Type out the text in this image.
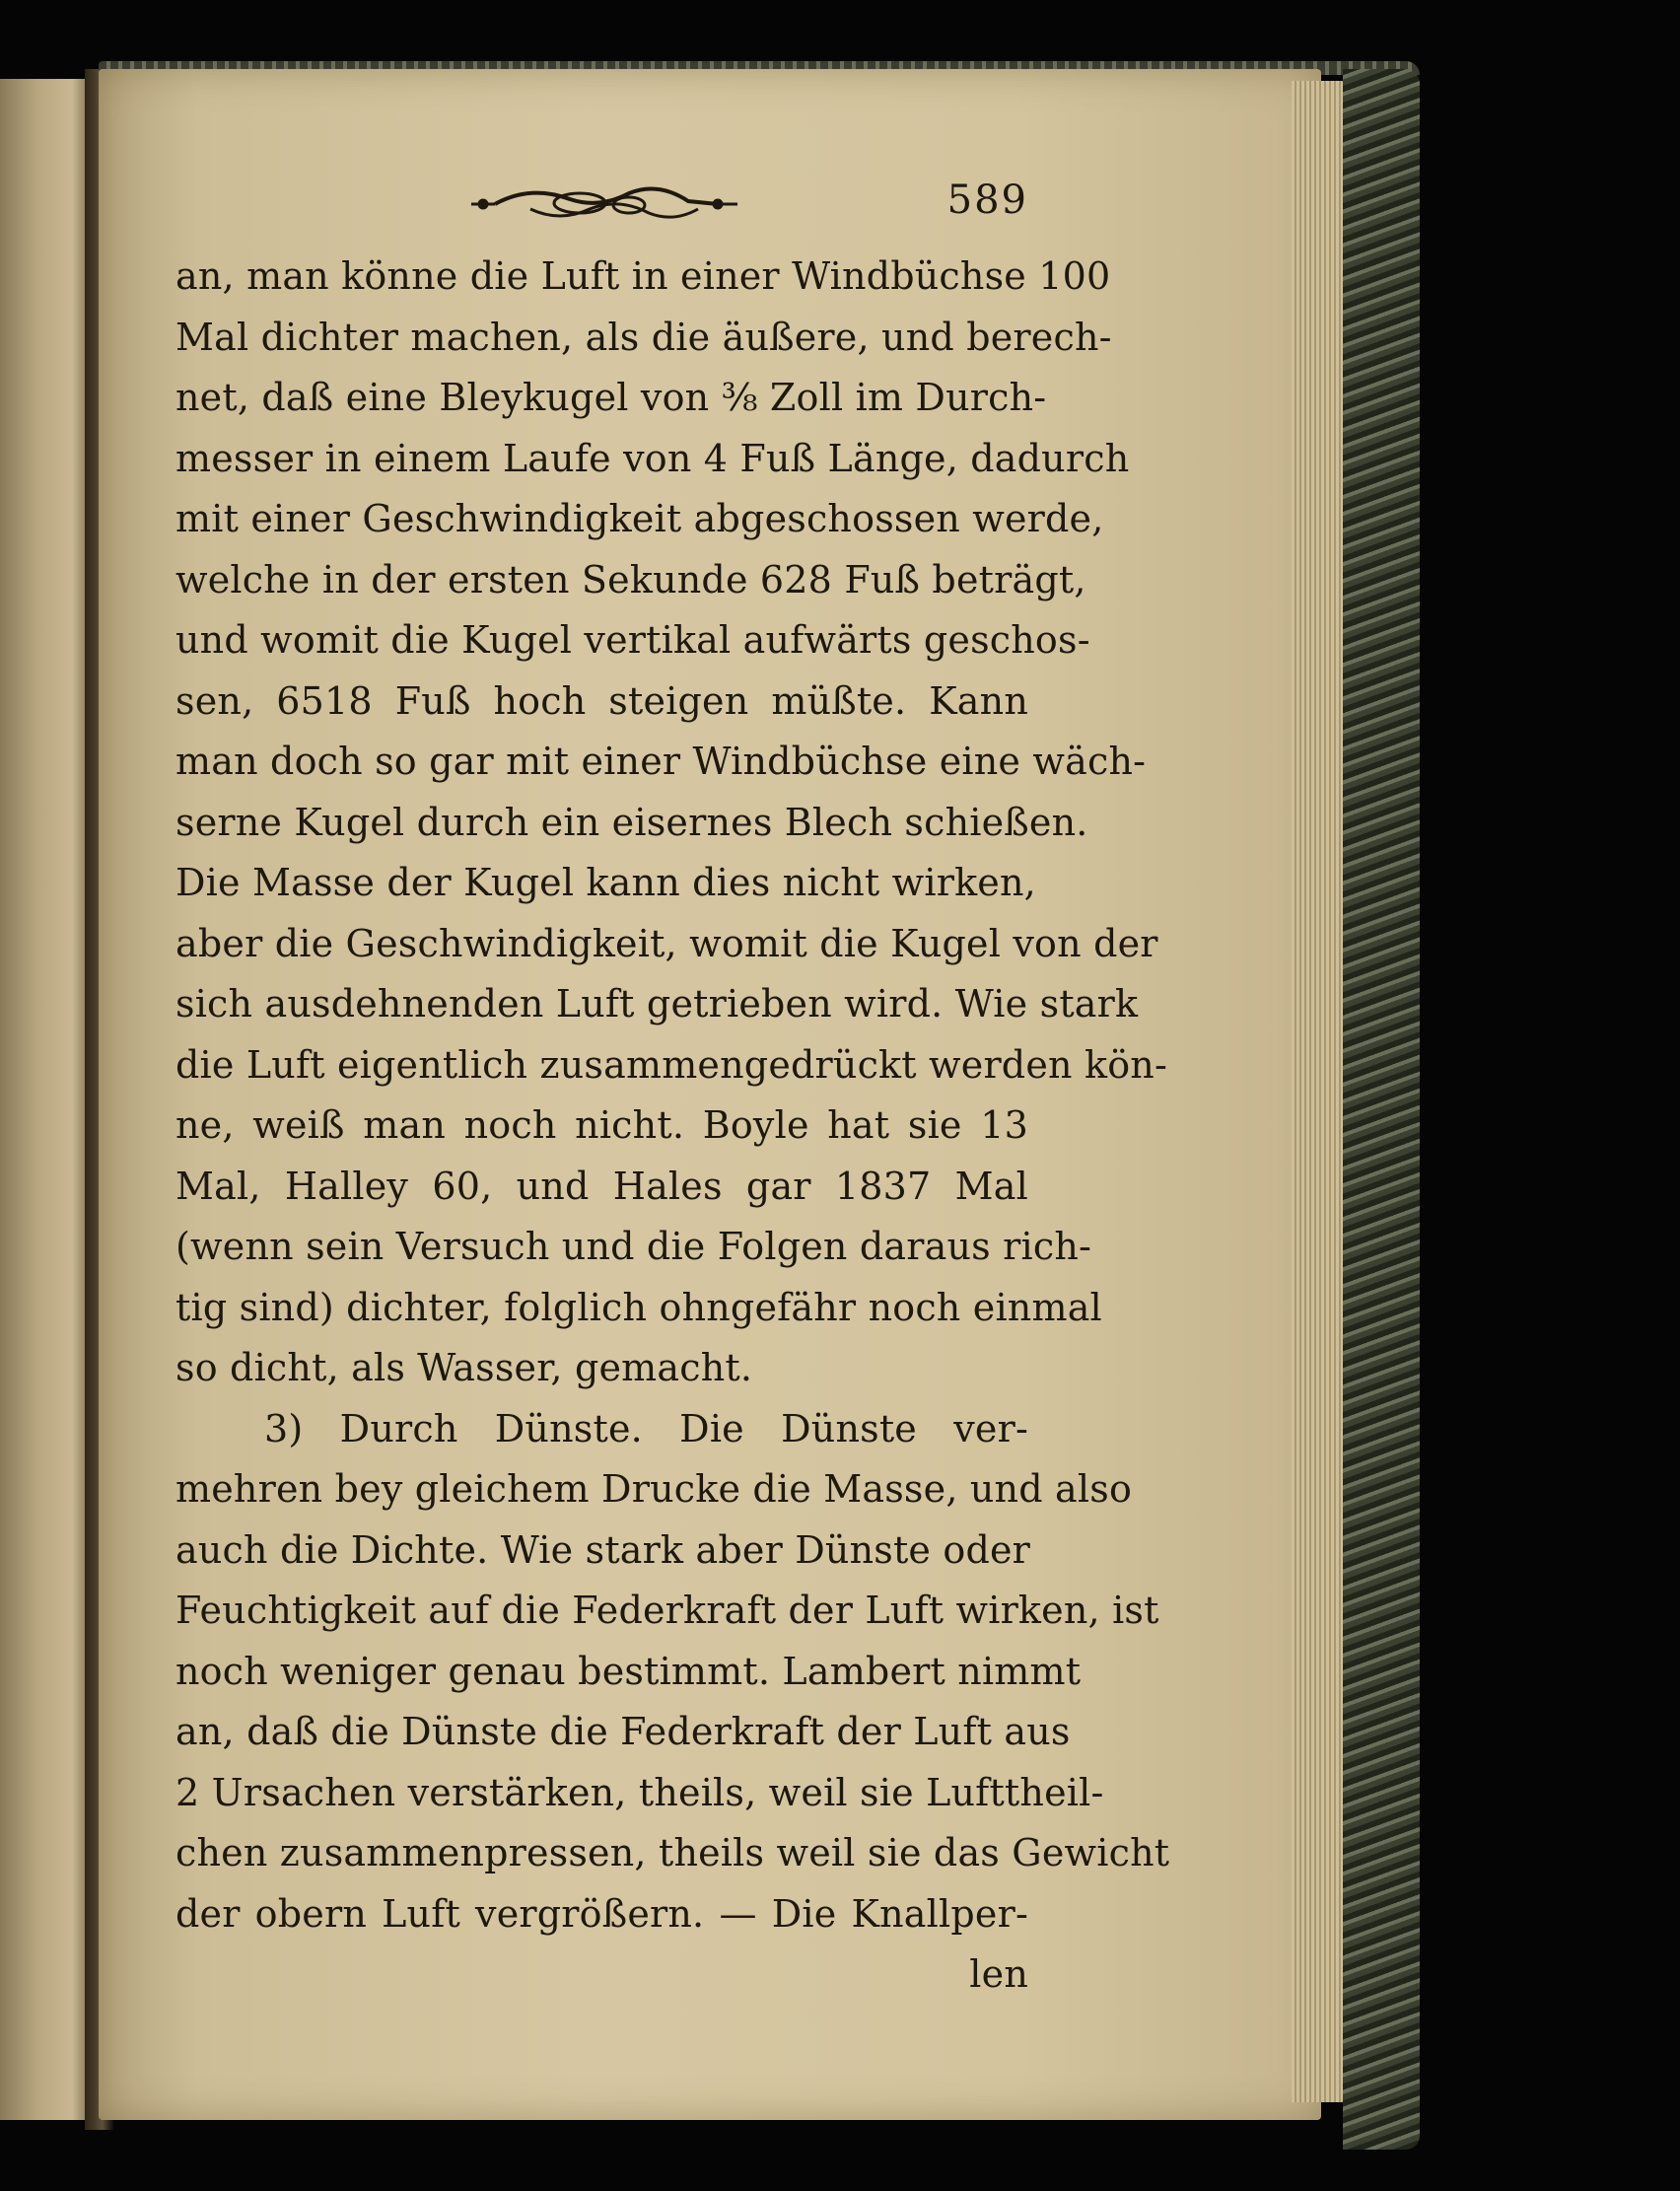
589
an, man könne die Luft in einer Windbüchse 100
Mal dichter machen, als die äußere, und berech-
net, daß eine Bleykugel von ⅜ Zoll im Durch-
messer in einem Laufe von 4 Fuß Länge, dadurch
mit einer Geschwindigkeit abgeschossen werde,
welche in der ersten Sekunde 628 Fuß beträgt,
und womit die Kugel vertikal aufwärts geschos-
sen, 6518 Fuß hoch steigen müßte. Kann
man doch so gar mit einer Windbüchse eine wäch-
serne Kugel durch ein eisernes Blech schießen.
Die Masse der Kugel kann dies nicht wirken,
aber die Geschwindigkeit, womit die Kugel von der
sich ausdehnenden Luft getrieben wird. Wie stark
die Luft eigentlich zusammengedrückt werden kön-
ne, weiß man noch nicht. Boyle hat sie 13
Mal, Halley 60, und Hales gar 1837 Mal
(wenn sein Versuch und die Folgen daraus rich-
tig sind) dichter, folglich ohngefähr noch einmal
so dicht, als Wasser, gemacht.
3) Durch Dünste. Die Dünste ver-
mehren bey gleichem Drucke die Masse, und also
auch die Dichte. Wie stark aber Dünste oder
Feuchtigkeit auf die Federkraft der Luft wirken, ist
noch weniger genau bestimmt. Lambert nimmt
an, daß die Dünste die Federkraft der Luft aus
2 Ursachen verstärken, theils, weil sie Lufttheil-
chen zusammenpressen, theils weil sie das Gewicht
der obern Luft vergrößern. — Die Knallper-
len
